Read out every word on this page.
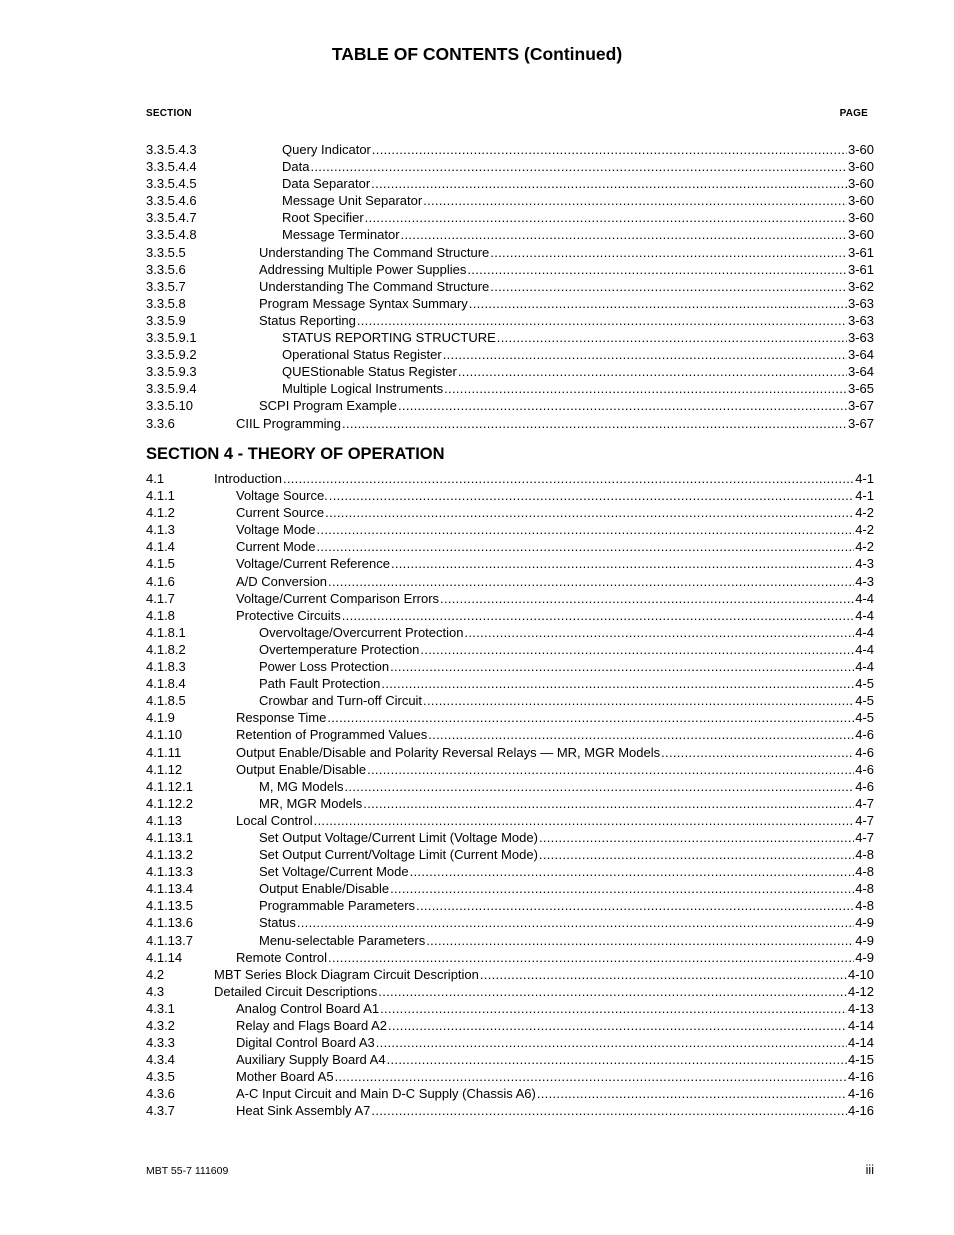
TABLE OF CONTENTS (Continued)
SECTION	PAGE
3.3.5.4.3	Query Indicator .....	3-60
3.3.5.4.4	Data .....	3-60
3.3.5.4.5	Data Separator .....	3-60
3.3.5.4.6	Message Unit Separator .....	3-60
3.3.5.4.7	Root Specifier .....	3-60
3.3.5.4.8	Message Terminator .....	3-60
3.3.5.5	Understanding The Command Structure .....	3-61
3.3.5.6	Addressing Multiple Power Supplies .....	3-61
3.3.5.7	Understanding The Command Structure .....	3-62
3.3.5.8	Program Message Syntax Summary .....	3-63
3.3.5.9	Status Reporting .....	3-63
3.3.5.9.1	STATUS REPORTING STRUCTURE .....	3-63
3.3.5.9.2	Operational Status Register .....	3-64
3.3.5.9.3	QUEStionable Status Register .....	3-64
3.3.5.9.4	Multiple Logical Instruments .....	3-65
3.3.5.10	SCPI Program Example .....	3-67
3.3.6	CIIL Programming .....	3-67
SECTION 4 - THEORY OF OPERATION
4.1	Introduction .....	4-1
4.1.1	Voltage Source. .....	4-1
4.1.2	Current Source .....	4-2
4.1.3	Voltage Mode .....	4-2
4.1.4	Current Mode .....	4-2
4.1.5	Voltage/Current Reference .....	4-3
4.1.6	A/D Conversion .....	4-3
4.1.7	Voltage/Current Comparison Errors .....	4-4
4.1.8	Protective Circuits .....	4-4
4.1.8.1	Overvoltage/Overcurrent Protection .....	4-4
4.1.8.2	Overtemperature Protection .....	4-4
4.1.8.3	Power Loss Protection .....	4-4
4.1.8.4	Path Fault Protection .....	4-5
4.1.8.5	Crowbar and Turn-off Circuit .....	4-5
4.1.9	Response Time .....	4-5
4.1.10	Retention of Programmed Values .....	4-6
4.1.11	Output Enable/Disable and Polarity Reversal Relays — MR, MGR Models .....	4-6
4.1.12	Output Enable/Disable .....	4-6
4.1.12.1	M, MG Models .....	4-6
4.1.12.2	MR, MGR Models .....	4-7
4.1.13	Local Control .....	4-7
4.1.13.1	Set Output Voltage/Current Limit (Voltage Mode) .....	4-7
4.1.13.2	Set Output Current/Voltage Limit (Current Mode) .....	4-8
4.1.13.3	Set Voltage/Current Mode .....	4-8
4.1.13.4	Output Enable/Disable .....	4-8
4.1.13.5	Programmable Parameters .....	4-8
4.1.13.6	Status .....	4-9
4.1.13.7	Menu-selectable Parameters .....	4-9
4.1.14	Remote Control .....	4-9
4.2	MBT Series Block Diagram Circuit Description .....	4-10
4.3	Detailed Circuit Descriptions .....	4-12
4.3.1	Analog Control Board A1 .....	4-13
4.3.2	Relay and Flags Board A2 .....	4-14
4.3.3	Digital Control Board A3 .....	4-14
4.3.4	Auxiliary Supply Board A4 .....	4-15
4.3.5	Mother Board A5 .....	4-16
4.3.6	A-C Input Circuit and Main D-C Supply (Chassis A6) .....	4-16
4.3.7	Heat Sink Assembly A7 .....	4-16
MBT 55-7 111609	iii
